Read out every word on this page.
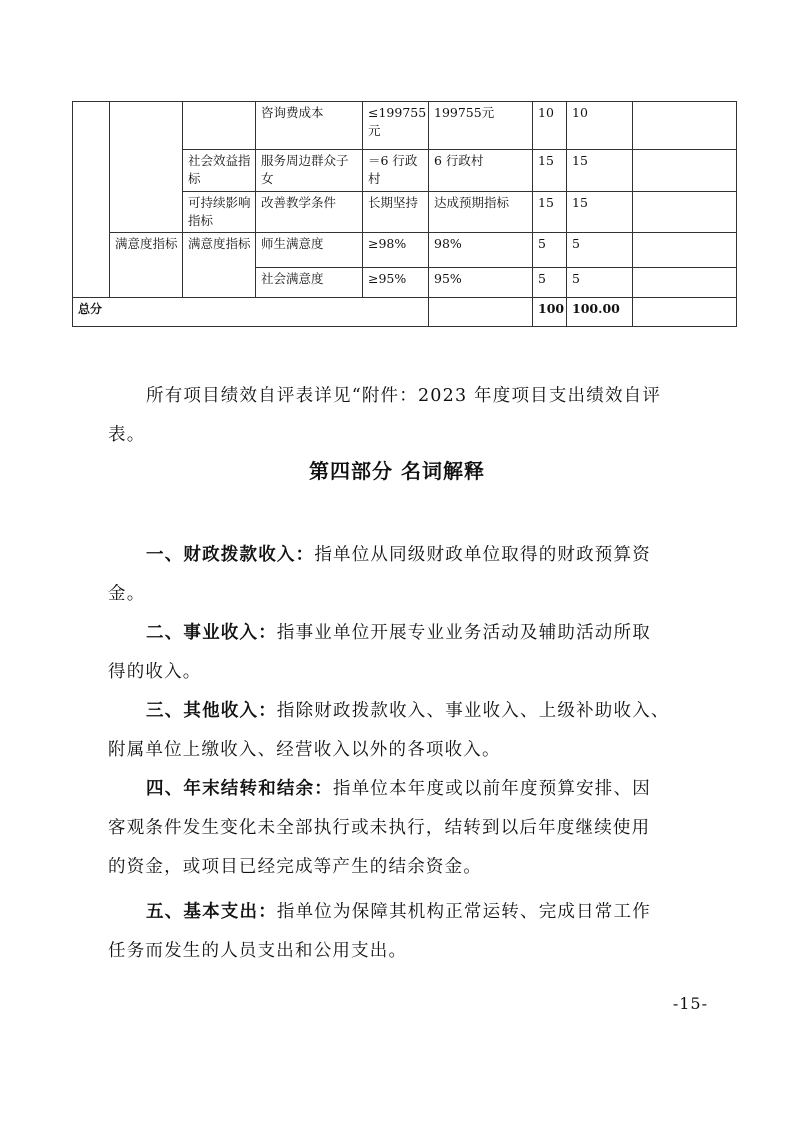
			咨询费成本	≤199755元	199755元	10	10	
		社会效益指标	服务周边群众子女	＝6 行政村	6 行政村	15	15	
		可持续影响指标	改善教学条件	长期坚持	达成预期指标	15	15	
	满意度指标	满意度指标	师生满意度	≥98%	98%	5	5	
			社会满意度	≥95%	95%	5	5	
总分						100	100.00	
所有项目绩效自评表详见“附件：2023 年度项目支出绩效自评
表。
第四部分 名词解释
一、财政拨款收入：指单位从同级财政单位取得的财政预算资
金。
二、事业收入：指事业单位开展专业业务活动及辅助活动所取
得的收入。
三、其他收入：指除财政拨款收入、事业收入、上级补助收入、
附属单位上缴收入、经营收入以外的各项收入。
四、年末结转和结余：指单位本年度或以前年度预算安排、因
客观条件发生变化未全部执行或未执行，结转到以后年度继续使用
的资金，或项目已经完成等产生的结余资金。
五、基本支出：指单位为保障其机构正常运转、完成日常工作
任务而发生的人员支出和公用支出。
-15-
